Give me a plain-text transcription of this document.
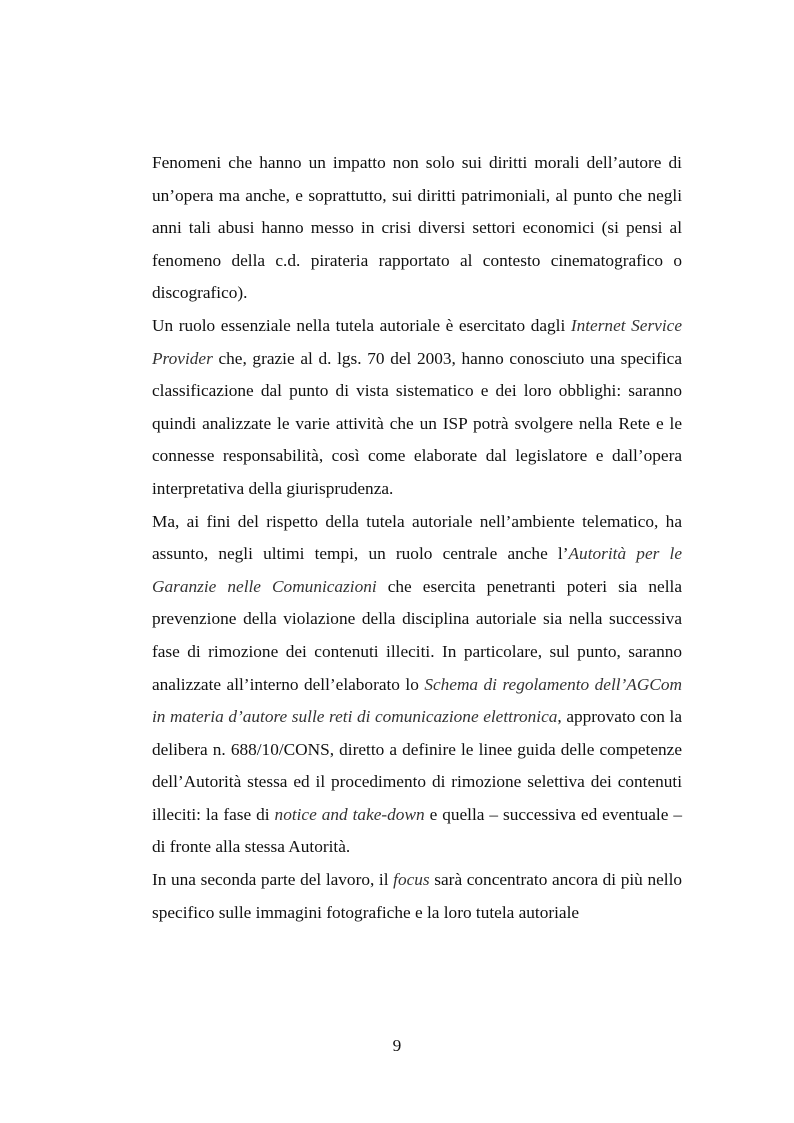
Fenomeni che hanno un impatto non solo sui diritti morali dell’autore di un’opera ma anche, e soprattutto, sui diritti patrimoniali, al punto che negli anni tali abusi hanno messo in crisi diversi settori economici (si pensi al fenomeno della c.d. pirateria rapportato al contesto cinematografico o discografico).

Un ruolo essenziale nella tutela autoriale è esercitato dagli Internet Service Provider che, grazie al d. lgs. 70 del 2003, hanno conosciuto una specifica classificazione dal punto di vista sistematico e dei loro obblighi: saranno quindi analizzate le varie attività che un ISP potrà svolgere nella Rete e le connesse responsabilità, così come elaborate dal legislatore e dall’opera interpretativa della giurisprudenza.

Ma, ai fini del rispetto della tutela autoriale nell’ambiente telematico, ha assunto, negli ultimi tempi, un ruolo centrale anche l’Autorità per le Garanzie nelle Comunicazioni che esercita penetranti poteri sia nella prevenzione della violazione della disciplina autoriale sia nella successiva fase di rimozione dei contenuti illeciti. In particolare, sul punto, saranno analizzate all’interno dell’elaborato lo Schema di regolamento dell’AGCom in materia d’autore sulle reti di comunicazione elettronica, approvato con la delibera n. 688/10/CONS, diretto a definire le linee guida delle competenze dell’Autorità stessa ed il procedimento di rimozione selettiva dei contenuti illeciti: la fase di notice and take-down e quella – successiva ed eventuale – di fronte alla stessa Autorità.

In una seconda parte del lavoro, il focus sarà concentrato ancora di più nello specifico sulle immagini fotografiche e la loro tutela autoriale

9
